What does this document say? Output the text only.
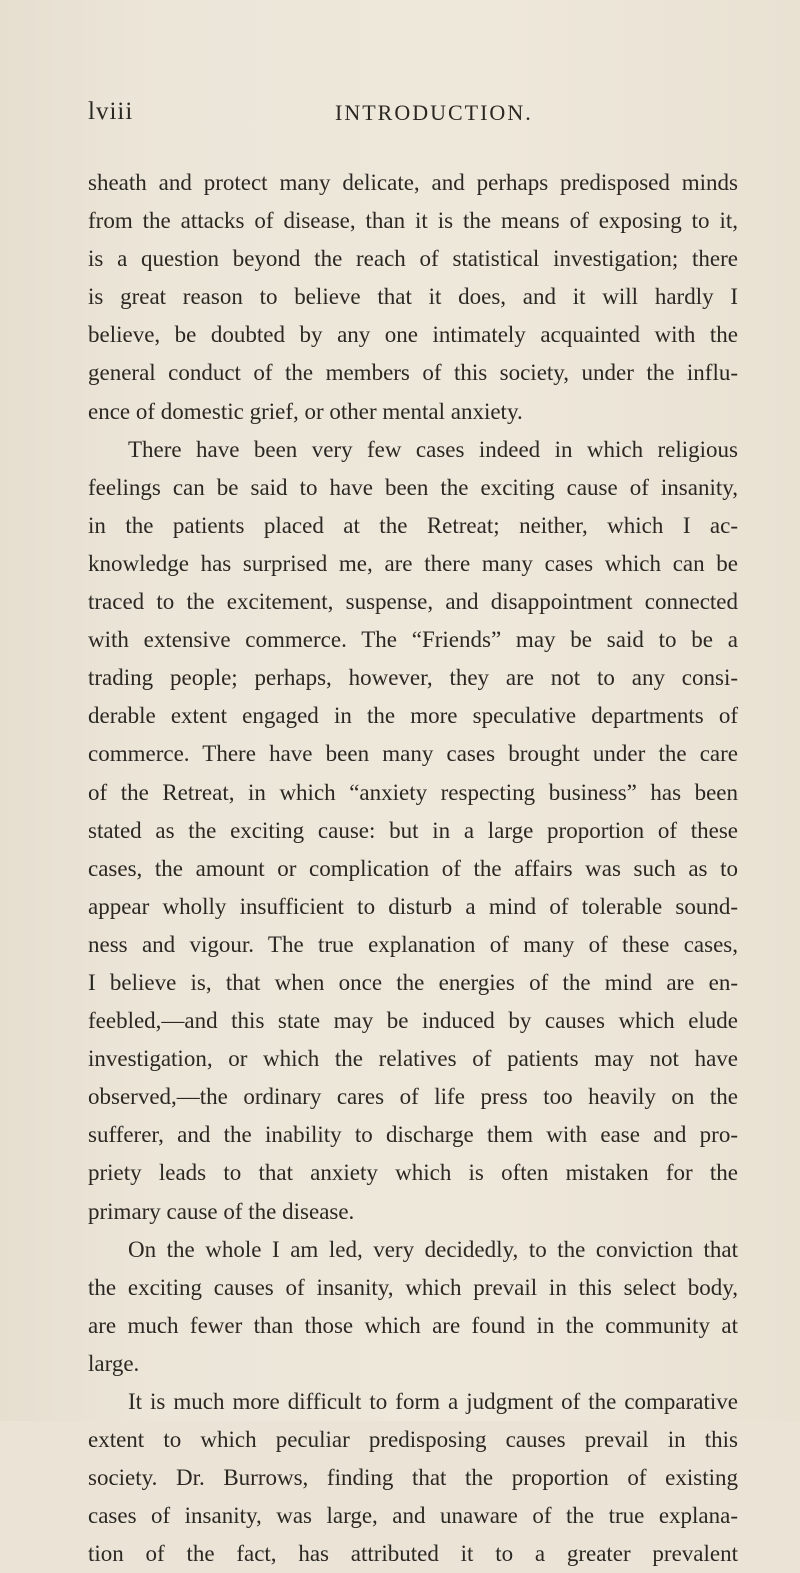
lviii	INTRODUCTION.
sheath and protect many delicate, and perhaps predisposed minds
from the attacks of disease, than it is the means of exposing to it,
is a question beyond the reach of statistical investigation; there
is great reason to believe that it does, and it will hardly I
believe, be doubted by any one intimately acquainted with the
general conduct of the members of this society, under the influ-
ence of domestic grief, or other mental anxiety.
There have been very few cases indeed in which religious
feelings can be said to have been the exciting cause of insanity,
in the patients placed at the Retreat; neither, which I ac-
knowledge has surprised me, are there many cases which can be
traced to the excitement, suspense, and disappointment connected
with extensive commerce. The “Friends” may be said to be a
trading people; perhaps, however, they are not to any consi-
derable extent engaged in the more speculative departments of
commerce. There have been many cases brought under the care
of the Retreat, in which “anxiety respecting business” has been
stated as the exciting cause: but in a large proportion of these
cases, the amount or complication of the affairs was such as to
appear wholly insufficient to disturb a mind of tolerable sound-
ness and vigour. The true explanation of many of these cases,
I believe is, that when once the energies of the mind are en-
feebled,—and this state may be induced by causes which elude
investigation, or which the relatives of patients may not have
observed,—the ordinary cares of life press too heavily on the
sufferer, and the inability to discharge them with ease and pro-
priety leads to that anxiety which is often mistaken for the
primary cause of the disease.
On the whole I am led, very decidedly, to the conviction that
the exciting causes of insanity, which prevail in this select body,
are much fewer than those which are found in the community at
large.
It is much more difficult to form a judgment of the comparative
extent to which peculiar predisposing causes prevail in this
society. Dr. Burrows, finding that the proportion of existing
cases of insanity, was large, and unaware of the true explana-
tion of the fact, has attributed it to a greater prevalent
